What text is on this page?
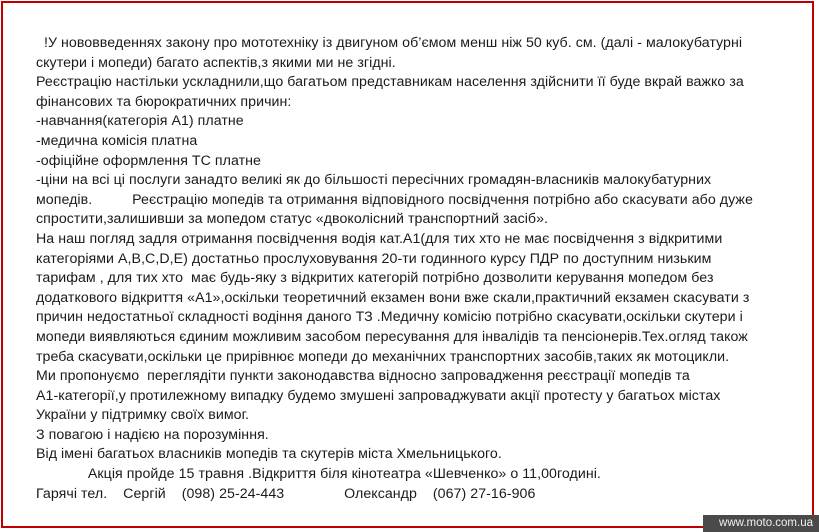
!У нововведеннях закону про мототехніку із двигуном об’ємом менш ніж 50 куб. см. (далі - малокубатурні
скутери і мопеди) багато аспектів,з якими ми не згідні.
Реєстрацію настільки ускладнили,що багатьом представникам населення здійснити її буде вкрай важко за
фінансових та бюрократичних причин:
-навчання(категорія А1) платне
-медична комісія платна
-офіційне оформлення ТС платне
-ціни на всі ці послуги занадто великі як до більшості пересічних громадян-власників малокубатурних
мопедів.          Реєстрацію мопедів та отримання відповідного посвідчення потрібно або скасувати або дуже
спростити,залишивши за мопедом статус «двоколісний транспортний засіб».
На наш погляд задля отримання посвідчення водія кат.А1(для тих хто не має посвідчення з відкритими
категоріями A,B,C,D,E) достатньо прослуховування 20-ти годинного курсу ПДР по доступним низьким
тарифам , для тих хто  має будь-яку з відкритих категорій потрібно дозволити керування мопедом без
додаткового відкриття «А1»,оскільки теоретичний екзамен вони вже скали,практичний екзамен скасувати з
причин недостатньої складності водіння даного ТЗ .Медичну комісію потрібно скасувати,оскільки скутери і
мопеди виявляються єдиним можливим засобом пересування для інвалідів та пенсіонерів.Тех.огляд також
треба скасувати,оскільки це прирівнює мопеди до механічних транспортних засобів,таких як мотоцикли.
Ми пропонуємо  переглядіти пункти законодавства відносно запровадження реєстрації мопедів та
А1-категорії,у протилежному випадку будемо змушені запроваджувати акції протесту у багатьох містах
України у підтримку своїх вимог.
З повагою і надією на порозуміння.
Від імені багатьох власників мопедів та скутерів міста Хмельницького.
Акція пройде 15 травня .Відкриття біля кінотеатра «Шевченко» о 11,00годині.
Гарячі тел.    Сергій    (098) 25-24-443               Олександр    (067) 27-16-906
www.moto.com.ua
